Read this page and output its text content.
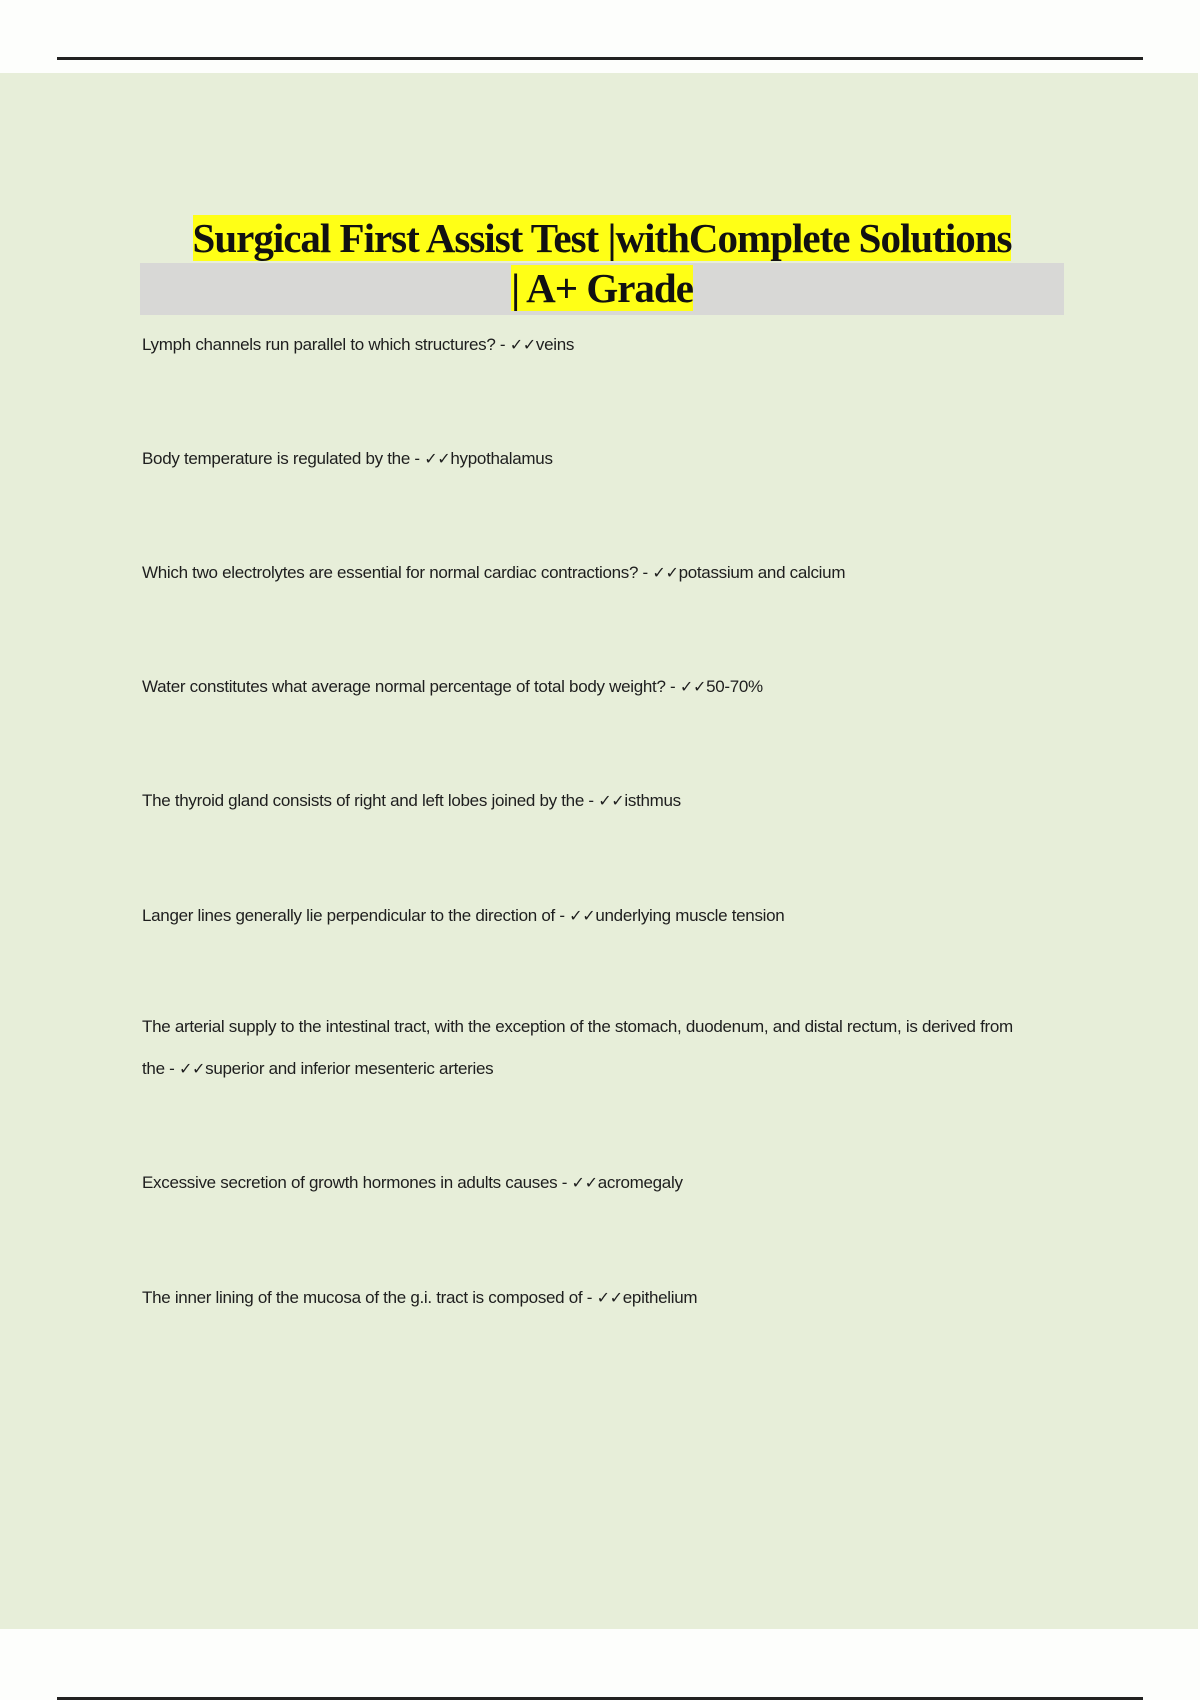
Surgical First Assist Test |withComplete Solutions
| A+ Grade
Lymph channels run parallel to which structures? - ✓✓veins
Body temperature is regulated by the - ✓✓hypothalamus
Which two electrolytes are essential for normal cardiac contractions? - ✓✓potassium and calcium
Water constitutes what average normal percentage of total body weight? - ✓✓50-70%
The thyroid gland consists of right and left lobes joined by the - ✓✓isthmus
Langer lines generally lie perpendicular to the direction of - ✓✓underlying muscle tension
The arterial supply to the intestinal tract, with the exception of the stomach, duodenum, and distal rectum, is derived from the - ✓✓superior and inferior mesenteric arteries
Excessive secretion of growth hormones in adults causes - ✓✓acromegaly
The inner lining of the mucosa of the g.i. tract is composed of - ✓✓epithelium
